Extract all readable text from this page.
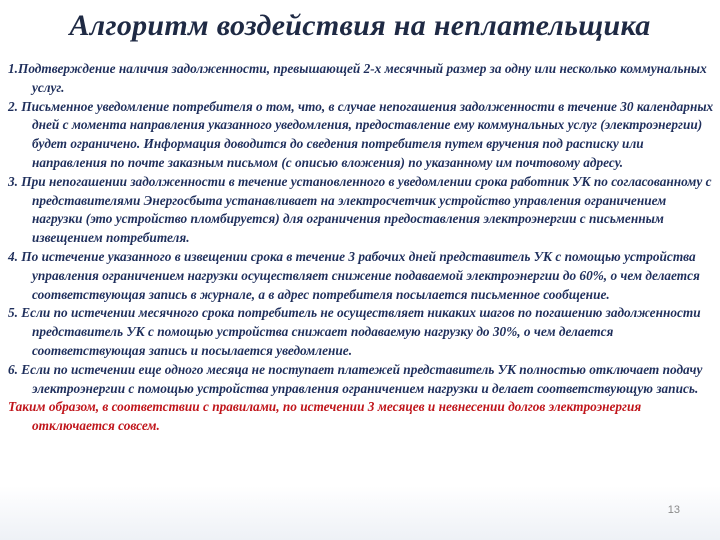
Алгоритм воздействия на неплательщика

1.Подтверждение наличия задолженности, превышающей 2-х месячный размер за одну или несколько коммунальных услуг.

2. Письменное уведомление потребителя о том, что, в случае непогашения задолженности в течение 30 календарных дней с момента направления указанного уведомления, предоставление ему коммунальных услуг (электроэнергии) будет ограничено. Информация доводится до сведения потребителя путем вручения под расписку или направления по почте заказным письмом (с описью вложения) по указанному им почтовому адресу.

3. При непогашении задолженности в течение установленного в уведомлении срока работник УК по согласованному с представителями Энергосбыта устанавливает на электросчетчик устройство управления ограничением нагрузки (это устройство пломбируется) для ограничения предоставления электроэнергии с письменным извещением потребителя.

4. По истечение указанного в извещении срока в течение 3 рабочих дней представитель УК с помощью устройства управления ограничением нагрузки осуществляет снижение подаваемой электроэнергии до 60%, о чем делается соответствующая запись в журнале, а в адрес потребителя посылается письменное сообщение.

5. Если по истечении месячного срока потребитель не осуществляет никаких шагов по погашению задолженности представитель УК с помощью устройства снижает подаваемую нагрузку до 30%, о чем делается соответствующая запись и посылается уведомление.

6. Если по истечении еще одного месяца не поступает платежей представитель УК полностью отключает подачу электроэнергии с помощью устройства управления ограничением нагрузки и делает соответствующую запись.

Таким образом, в соответствии с правилами, по истечении 3 месяцев и невнесении долгов электроэнергия отключается совсем.

13
